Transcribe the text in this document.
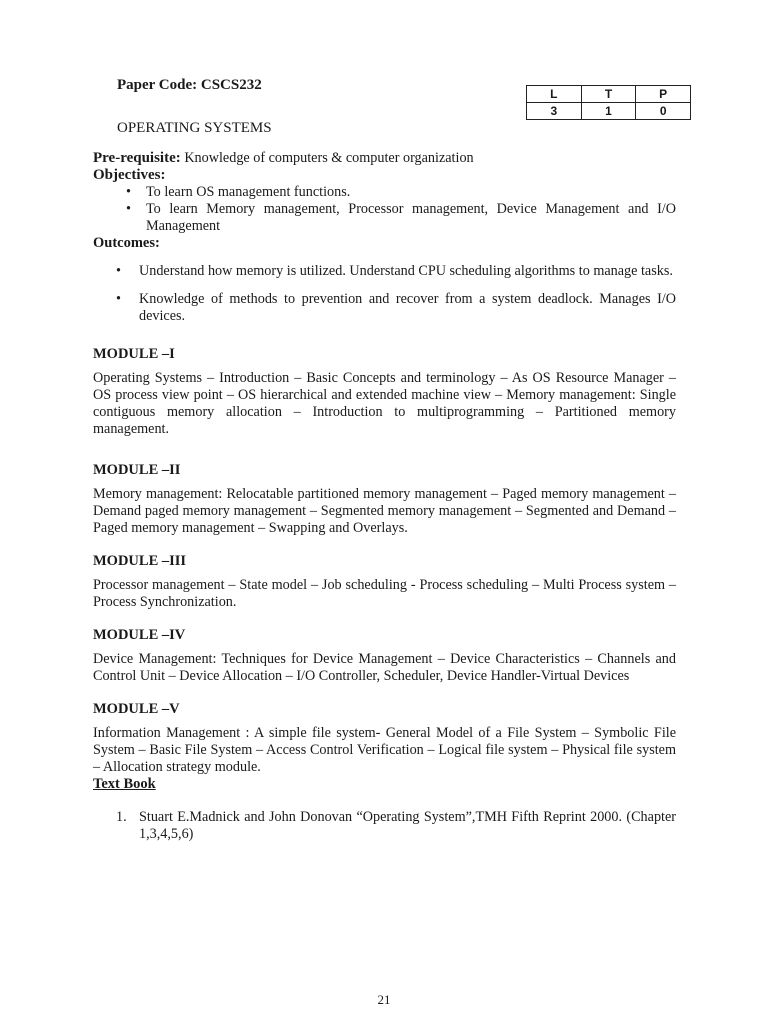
Paper Code: CSCS232
OPERATING SYSTEMS
L	T	P
3	1	0

Pre-requisite: Knowledge of computers & computer organization

Objectives:

• To learn OS management functions.
• To learn Memory management, Processor management, Device Management and I/O Management

Outcomes:

• Understand how memory is utilized. Understand CPU scheduling algorithms to manage tasks.
• Knowledge of methods to prevention and recover from a system deadlock. Manages I/O devices.
MODULE –I

Operating Systems – Introduction – Basic Concepts and terminology – As OS Resource Manager – OS process view point – OS hierarchical and extended machine view – Memory management: Single contiguous memory allocation – Introduction to multiprogramming – Partitioned memory management.

MODULE –II

Memory management: Relocatable partitioned memory management – Paged memory management – Demand paged memory management – Segmented memory management – Segmented and Demand – Paged memory management – Swapping and Overlays.

MODULE –III

Processor management – State model – Job scheduling - Process scheduling – Multi Process system – Process Synchronization.

MODULE –IV

Device Management: Techniques for Device Management – Device Characteristics – Channels and Control Unit – Device Allocation – I/O Controller, Scheduler, Device Handler-Virtual Devices

MODULE –V

Information Management : A simple file system- General Model of a File System – Symbolic File System – Basic File System – Access Control Verification – Logical file system – Physical file system – Allocation strategy module.

Text Book

1. Stuart E.Madnick and John Donovan “Operating System”,TMH Fifth Reprint 2000. (Chapter 1,3,4,5,6)
21
